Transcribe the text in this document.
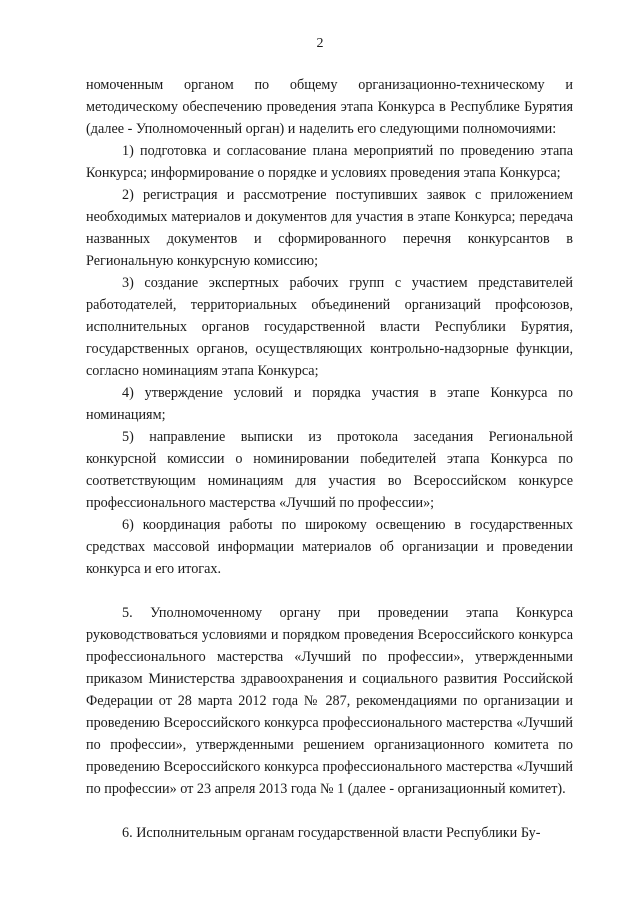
2

номоченным органом по общему организационно-техническому и методическому обеспечению проведения этапа Конкурса в Республике Бурятия (далее - Уполномоченный орган) и наделить его следующими полномочиями:

1) подготовка и согласование плана мероприятий по проведению этапа Конкурса; информирование о порядке и условиях проведения этапа Конкурса;

2) регистрация и рассмотрение поступивших заявок с приложением необходимых материалов и документов для участия в этапе Конкурса; передача названных документов и сформированного перечня конкурсантов в Региональную конкурсную комиссию;

3) создание экспертных рабочих групп с участием представителей работодателей, территориальных объединений организаций профсоюзов, исполнительных органов государственной власти Республики Бурятия, государственных органов, осуществляющих контрольно-надзорные функции, согласно номинациям этапа Конкурса;

4) утверждение условий и порядка участия в этапе Конкурса по номинациям;

5) направление выписки из протокола заседания Региональной конкурсной комиссии о номинировании победителей этапа Конкурса по соответствующим номинациям для участия во Всероссийском конкурсе профессионального мастерства «Лучший по профессии»;

6) координация работы по широкому освещению в государственных средствах массовой информации материалов об организации и проведении конкурса и его итогах.

5. Уполномоченному органу при проведении этапа Конкурса руководствоваться условиями и порядком проведения Всероссийского конкурса профессионального мастерства «Лучший по профессии», утвержденными приказом Министерства здравоохранения и социального развития Российской Федерации от 28 марта 2012 года № 287, рекомендациями по организации и проведению Всероссийского конкурса профессионального мастерства «Лучший по профессии», утвержденными решением организационного комитета по проведению Всероссийского конкурса профессионального мастерства «Лучший по профессии» от 23 апреля 2013 года № 1 (далее - организационный комитет).

6. Исполнительным органам государственной власти Республики Бу-
